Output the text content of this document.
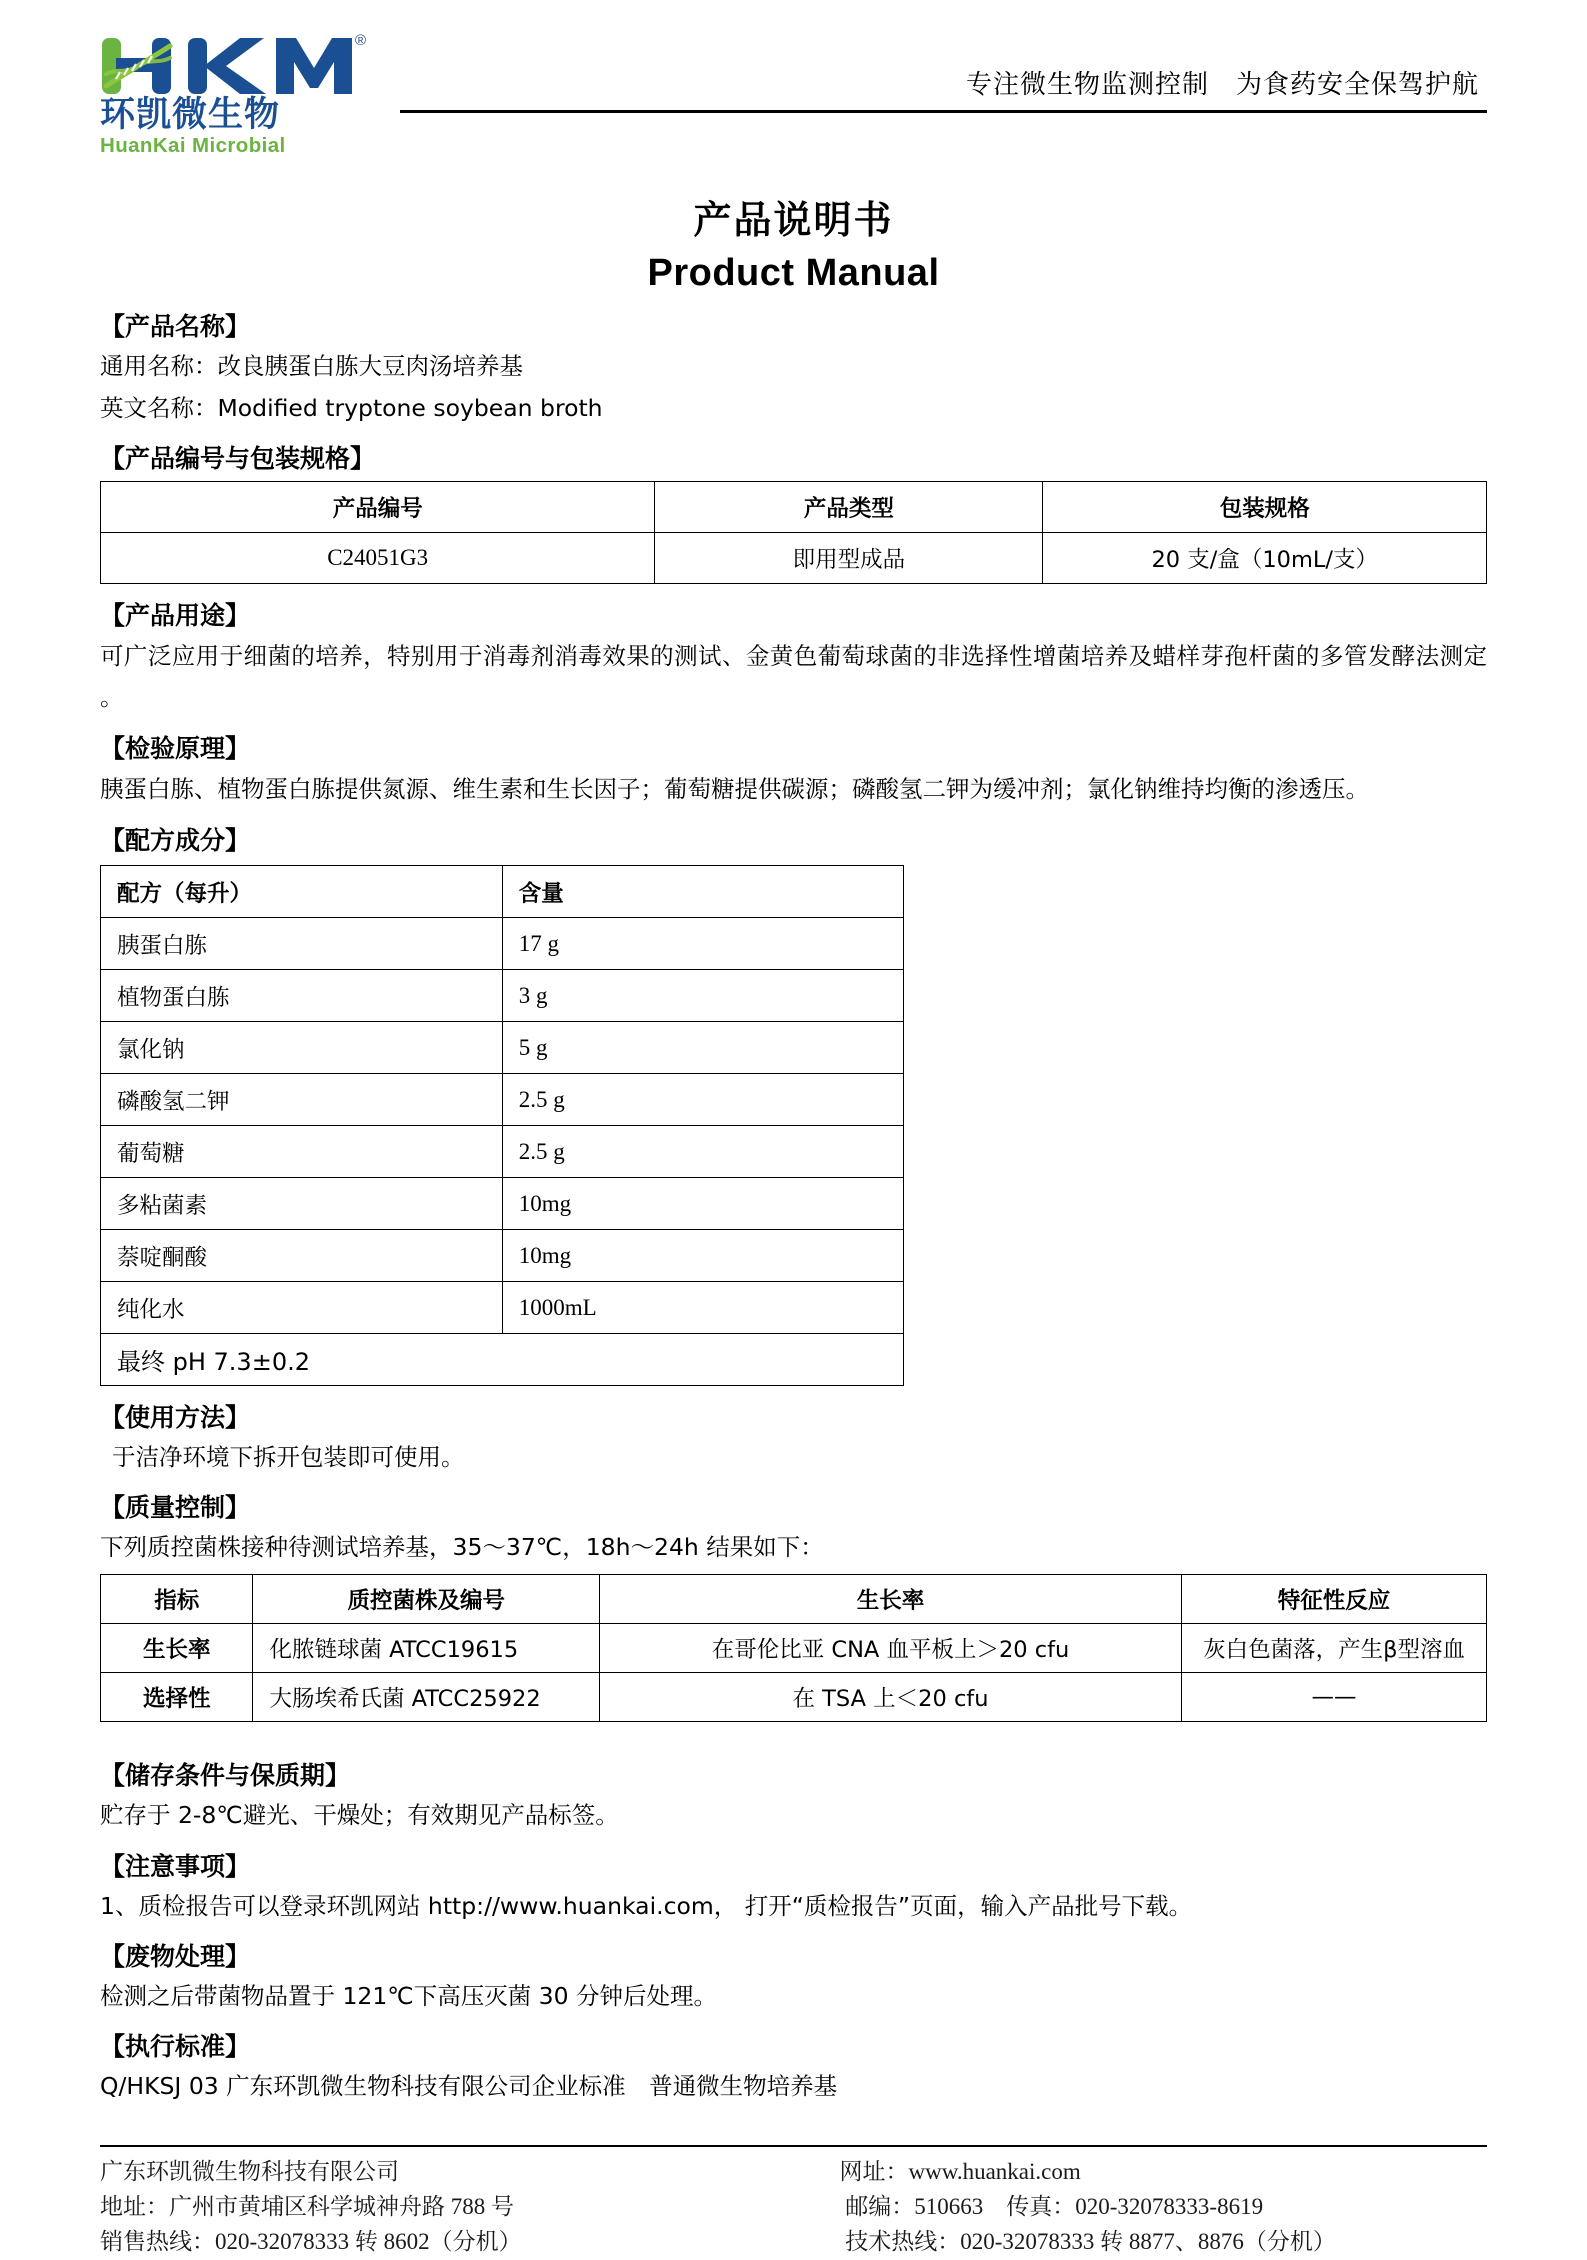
®
环凯微生物
HuanKai Microbial
专注微生物监测控制　为食药安全保驾护航
产品说明书
Product Manual
【产品名称】
通用名称：改良胰蛋白胨大豆肉汤培养基
英文名称：Modified tryptone soybean broth
【产品编号与包装规格】
产品编号	产品类型	包装规格
C24051G3	即用型成品	20 支/盒（10mL/支）
【产品用途】
可广泛应用于细菌的培养，特别用于消毒剂消毒效果的测试、金黄色葡萄球菌的非选择性增菌培养及蜡样芽孢杆菌的多管发酵法测定 。
【检验原理】
胰蛋白胨、植物蛋白胨提供氮源、维生素和生长因子；葡萄糖提供碳源；磷酸氢二钾为缓冲剂；氯化钠维持均衡的渗透压。
【配方成分】
配方（每升）	含量
胰蛋白胨	17 g
植物蛋白胨	3 g
氯化钠	5 g
磷酸氢二钾	2.5 g
葡萄糖	2.5 g
多粘菌素	10mg
萘啶酮酸	10mg
纯化水	1000mL
最终 pH 7.3±0.2	
【使用方法】
于洁净环境下拆开包装即可使用。
【质量控制】
下列质控菌株接种待测试培养基，35～37℃，18h～24h 结果如下：
指标	质控菌株及编号	生长率	特征性反应
生长率	化脓链球菌 ATCC19615	在哥伦比亚 CNA 血平板上＞20 cfu	灰白色菌落，产生β型溶血
选择性	大肠埃希氏菌 ATCC25922	在 TSA 上＜20 cfu	——
【储存条件与保质期】
贮存于 2-8℃避光、干燥处；有效期见产品标签。
【注意事项】
1、质检报告可以登录环凯网站 http://www.huankai.com， 打开“质检报告”页面，输入产品批号下载。
【废物处理】
检测之后带菌物品置于 121℃下高压灭菌 30 分钟后处理。
【执行标准】
Q/HKSJ 03 广东环凯微生物科技有限公司企业标准　普通微生物培养基
广东环凯微生物科技有限公司
地址：广州市黄埔区科学城神舟路 788 号
销售热线：020-32078333 转 8602（分机）
网址：www.huankai.com
邮编：510663    传真：020-32078333-8619
技术热线：020-32078333 转 8877、8876（分机）
